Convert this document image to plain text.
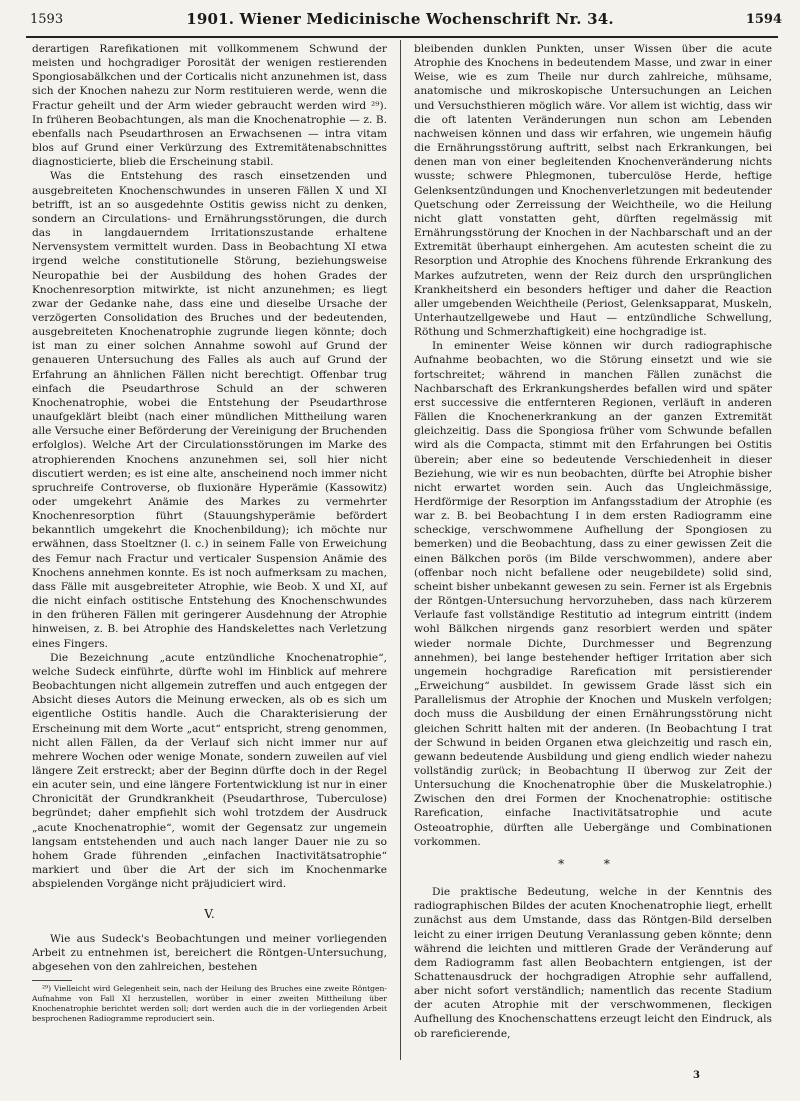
1593	1901. Wiener Medicinische Wochenschrift Nr. 34.	1594

derartigen Rarefikationen mit vollkommenem Schwund der meisten und hochgradiger Porosität der wenigen restierenden Spongiosabälkchen und der Corticalis nicht anzunehmen ist, dass sich der Knochen nahezu zur Norm restituieren werde, wenn die Fractur geheilt und der Arm wieder gebraucht werden wird ²⁹). In früheren Beobachtungen, als man die Knochenatrophie — z. B. ebenfalls nach Pseudarthrosen an Erwachsenen — intra vitam blos auf Grund einer Verkürzung des Extremitätenabschnittes diagnosticierte, blieb die Erscheinung stabil.

Was die Entstehung des rasch einsetzenden und ausgebreiteten Knochenschwundes in unseren Fällen X und XI betrifft, ist an so ausgedehnte Ostitis gewiss nicht zu denken, sondern an Circulations- und Ernährungsstörungen, die durch das in langdauerndem Irritationszustande erhaltene Nervensystem vermittelt wurden. Dass in Beobachtung XI etwa irgend welche constitutionelle Störung, beziehungsweise Neuropathie bei der Ausbildung des hohen Grades der Knochenresorption mitwirkte, ist nicht anzunehmen; es liegt zwar der Gedanke nahe, dass eine und dieselbe Ursache der verzögerten Consolidation des Bruches und der bedeutenden, ausgebreiteten Knochenatrophie zugrunde liegen könnte; doch ist man zu einer solchen Annahme sowohl auf Grund der genaueren Untersuchung des Falles als auch auf Grund der Erfahrung an ähnlichen Fällen nicht berechtigt. Offenbar trug einfach die Pseudarthrose Schuld an der schweren Knochenatrophie, wobei die Entstehung der Pseudarthrose unaufgeklärt bleibt (nach einer mündlichen Mittheilung waren alle Versuche einer Beförderung der Vereinigung der Bruchenden erfolglos). Welche Art der Circulationsstörungen im Marke des atrophierenden Knochens anzunehmen sei, soll hier nicht discutiert werden; es ist eine alte, anscheinend noch immer nicht spruchreife Controverse, ob fluxionäre Hyperämie (Kassowitz) oder umgekehrt Anämie des Markes zu vermehrter Knochenresorption führt (Stauungshyperämie befördert bekanntlich umgekehrt die Knochenbildung); ich möchte nur erwähnen, dass Stoeltzner (l. c.) in seinem Falle von Erweichung des Femur nach Fractur und verticaler Suspension Anämie des Knochens annehmen konnte. Es ist noch aufmerksam zu machen, dass Fälle mit ausgebreiteter Atrophie, wie Beob. X und XI, auf die nicht einfach ostitische Entstehung des Knochenschwundes in den früheren Fällen mit geringerer Ausdehnung der Atrophie hinweisen, z. B. bei Atrophie des Handskelettes nach Verletzung eines Fingers.

Die Bezeichnung „acute entzündliche Knochenatrophie“, welche Sudeck einführte, dürfte wohl im Hinblick auf mehrere Beobachtungen nicht allgemein zutreffen und auch entgegen der Absicht dieses Autors die Meinung erwecken, als ob es sich um eigentliche Ostitis handle. Auch die Charakterisierung der Erscheinung mit dem Worte „acut“ entspricht, streng genommen, nicht allen Fällen, da der Verlauf sich nicht immer nur auf mehrere Wochen oder wenige Monate, sondern zuweilen auf viel längere Zeit erstreckt; aber der Beginn dürfte doch in der Regel ein acuter sein, und eine längere Fortentwicklung ist nur in einer Chronicität der Grundkrankheit (Pseudarthrose, Tuberculose) begründet; daher empfiehlt sich wohl trotzdem der Ausdruck „acute Knochenatrophie“, womit der Gegensatz zur ungemein langsam entstehenden und auch nach langer Dauer nie zu so hohem Grade führenden „einfachen Inactivitätsatrophie“ markiert und über die Art der sich im Knochenmarke abspielenden Vorgänge nicht präjudiciert wird.

V.

Wie aus Sudeck's Beobachtungen und meiner vorliegenden Arbeit zu entnehmen ist, bereichert die Röntgen-Untersuchung, abgesehen von den zahlreichen, bestehen

²⁹) Vielleicht wird Gelegenheit sein, nach der Heilung des Bruches eine zweite Röntgen-Aufnahme von Fall XI herzustellen, worüber in einer zweiten Mittheilung über Knochenatrophie berichtet werden soll; dort werden auch die in der vorliegenden Arbeit besprochenen Radiogramme reproduciert sein.

bleibenden dunklen Punkten, unser Wissen über die acute Atrophie des Knochens in bedeutendem Masse, und zwar in einer Weise, wie es zum Theile nur durch zahlreiche, mühsame, anatomische und mikroskopische Untersuchungen an Leichen und Versuchsthieren möglich wäre. Vor allem ist wichtig, dass wir die oft latenten Veränderungen nun schon am Lebenden nachweisen können und dass wir erfahren, wie ungemein häufig die Ernährungsstörung auftritt, selbst nach Erkrankungen, bei denen man von einer begleitenden Knochenveränderung nichts wusste; schwere Phlegmonen, tuberculöse Herde, heftige Gelenksentzündungen und Knochenverletzungen mit bedeutender Quetschung oder Zerreissung der Weichtheile, wo die Heilung nicht glatt vonstatten geht, dürften regelmässig mit Ernährungsstörung der Knochen in der Nachbarschaft und an der Extremität überhaupt einhergehen. Am acutesten scheint die zu Resorption und Atrophie des Knochens führende Erkrankung des Markes aufzutreten, wenn der Reiz durch den ursprünglichen Krankheitsherd ein besonders heftiger und daher die Reaction aller umgebenden Weichtheile (Periost, Gelenksapparat, Muskeln, Unterhautzellgewebe und Haut — entzündliche Schwellung, Röthung und Schmerzhaftigkeit) eine hochgradige ist.

In eminenter Weise können wir durch radiographische Aufnahme beobachten, wo die Störung einsetzt und wie sie fortschreitet; während in manchen Fällen zunächst die Nachbarschaft des Erkrankungsherdes befallen wird und später erst successive die entfernteren Regionen, verläuft in anderen Fällen die Knochenerkrankung an der ganzen Extremität gleichzeitig. Dass die Spongiosa früher vom Schwunde befallen wird als die Compacta, stimmt mit den Erfahrungen bei Ostitis überein; aber eine so bedeutende Verschiedenheit in dieser Beziehung, wie wir es nun beobachten, dürfte bei Atrophie bisher nicht erwartet worden sein. Auch das Ungleichmässige, Herdförmige der Resorption im Anfangsstadium der Atrophie (es war z. B. bei Beobachtung I in dem ersten Radiogramm eine scheckige, verschwommene Aufhellung der Spongiosen zu bemerken) und die Beobachtung, dass zu einer gewissen Zeit die einen Bälkchen porös (im Bilde verschwommen), andere aber (offenbar noch nicht befallene oder neugebildete) solid sind, scheint bisher unbekannt gewesen zu sein. Ferner ist als Ergebnis der Röntgen-Untersuchung hervorzuheben, dass nach kürzerem Verlaufe fast vollständige Restitutio ad integrum eintritt (indem wohl Bälkchen nirgends ganz resorbiert werden und später wieder normale Dichte, Durchmesser und Begrenzung annehmen), bei lange bestehender heftiger Irritation aber sich ungemein hochgradige Rarefication mit persistierender „Erweichung“ ausbildet. In gewissem Grade lässt sich ein Parallelismus der Atrophie der Knochen und Muskeln verfolgen; doch muss die Ausbildung der einen Ernährungsstörung nicht gleichen Schritt halten mit der anderen. (In Beobachtung I trat der Schwund in beiden Organen etwa gleichzeitig und rasch ein, gewann bedeutende Ausbildung und gieng endlich wieder nahezu vollständig zurück; in Beobachtung II überwog zur Zeit der Untersuchung die Knochenatrophie über die Muskelatrophie.) Zwischen den drei Formen der Knochenatrophie: ostitische Rarefication, einfache Inactivitätsatrophie und acute Osteoatrophie, dürften alle Uebergänge und Combinationen vorkommen.

* *

Die praktische Bedeutung, welche in der Kenntnis des radiographischen Bildes der acuten Knochenatrophie liegt, erhellt zunächst aus dem Umstande, dass das Röntgen-Bild derselben leicht zu einer irrigen Deutung Veranlassung geben könnte; denn während die leichten und mittleren Grade der Veränderung auf dem Radiogramm fast allen Beobachtern entgiengen, ist der Schattenausdruck der hochgradigen Atrophie sehr auffallend, aber nicht sofort verständlich; namentlich das recente Stadium der acuten Atrophie mit der verschwommenen, fleckigen Aufhellung des Knochenschattens erzeugt leicht den Eindruck, als ob rareficierende,

3
